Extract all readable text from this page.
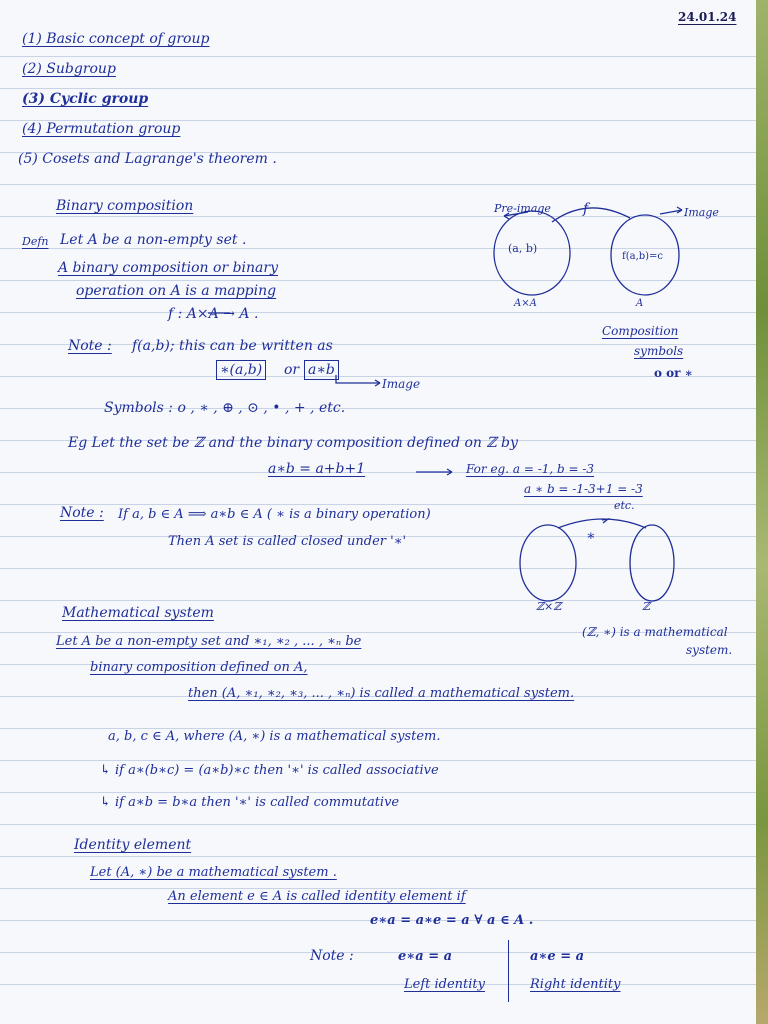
24.01.24
(1) Basic concept of group
(2) Subgroup
(3) Cyclic group
(4) Permutation group
(5) Cosets and Lagrange's theorem .
Binary composition
Defn Let A be a non-empty set .
A binary composition or binary
operation on A is a mapping
f : A×A → A .
Note : f(a,b); this can be written as
∗(a,b) or a∗b
Image
Symbols : o , ∗ , ⊕ , ⊙ , • , + , etc.
Eg Let the set be ℤ and the binary composition defined on ℤ by
a∗b = a+b+1	For eg. a = -1, b = -3
a ∗ b = -1-3+1 = -3
etc.
Pre-image f	Image
(a, b)
f(a,b)=c
A×A	A
Composition
symbols
o or ∗
Note : If a, b ∈ A ⟹ a∗b ∈ A ( ∗ is a binary operation)
Then A set is called closed under '∗'	∗
ℤ×ℤ	ℤ
Mathematical system
Let A be a non-empty set and ∗₁, ∗₂ , ... , ∗ₙ be
binary composition defined on A,
then (A, ∗₁, ∗₂, ∗₃, ... , ∗ₙ) is called a mathematical system.
(ℤ, ∗) is a mathematical
system.
a, b, c ∈ A, where (A, ∗) is a mathematical system.
↳ if a∗(b∗c) = (a∗b)∗c then '∗' is called associative
↳ if a∗b = b∗a then '∗' is called commutative
Identity element
Let (A, ∗) be a mathematical system .
An element e ∈ A is called identity element if
e∗a = a∗e = a ∀ a ∈ A .
Note :	e∗a = a
Left identity
a∗e = a
Right identity
